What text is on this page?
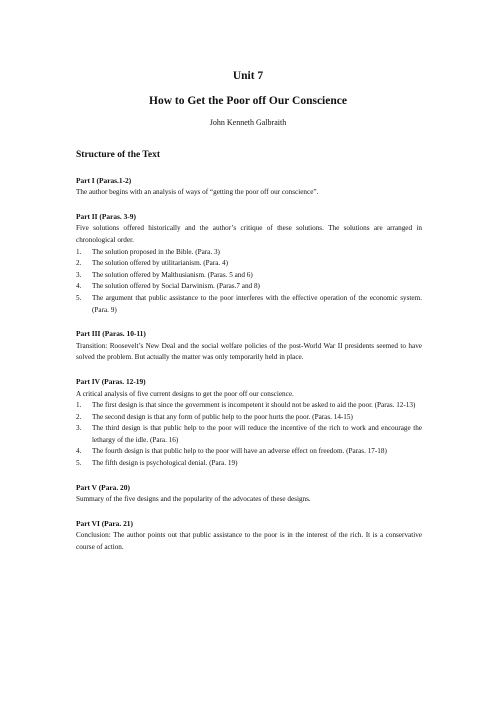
Unit 7
How to Get the Poor off Our Conscience
John Kenneth Galbraith
Structure of the Text
Part I (Paras.1-2)
The author begins with an analysis of ways of “getting the poor off our conscience”.
Part II (Paras. 3-9)
Five solutions offered historically and the author’s critique of these solutions. The solutions are arranged in chronological order.
1.	The solution proposed in the Bible. (Para. 3)
2.	The solution offered by utilitarianism. (Para. 4)
3.	The solution offered by Malthusianism. (Paras. 5 and 6)
4.	The solution offered by Social Darwinism. (Paras.7 and 8)
5.	The argument that public assistance to the poor interferes with the effective operation of the economic system. (Para. 9)
Part III (Paras. 10-11)
Transition: Roosevelt’s New Deal and the social welfare policies of the post-World War II presidents seemed to have solved the problem. But actually the matter was only temporarily held in place.
Part IV (Paras. 12-19)
A critical analysis of five current designs to get the poor off our conscience.
1.	The first design is that since the government is incompetent it should not be asked to aid the poor. (Paras. 12-13)
2.	The second design is that any form of public help to the poor hurts the poor. (Paras. 14-15)
3.	The third design is that public help to the poor will reduce the incentive of the rich to work and encourage the lethargy of the idle. (Para. 16)
4.	The fourth design is that public help to the poor will have an adverse effect on freedom. (Paras. 17-18)
5.	The fifth design is psychological denial. (Para. 19)
Part V (Para. 20)
Summary of the five designs and the popularity of the advocates of these designs.
Part VI (Para. 21)
Conclusion: The author points out that public assistance to the poor is in the interest of the rich. It is a conservative course of action.
